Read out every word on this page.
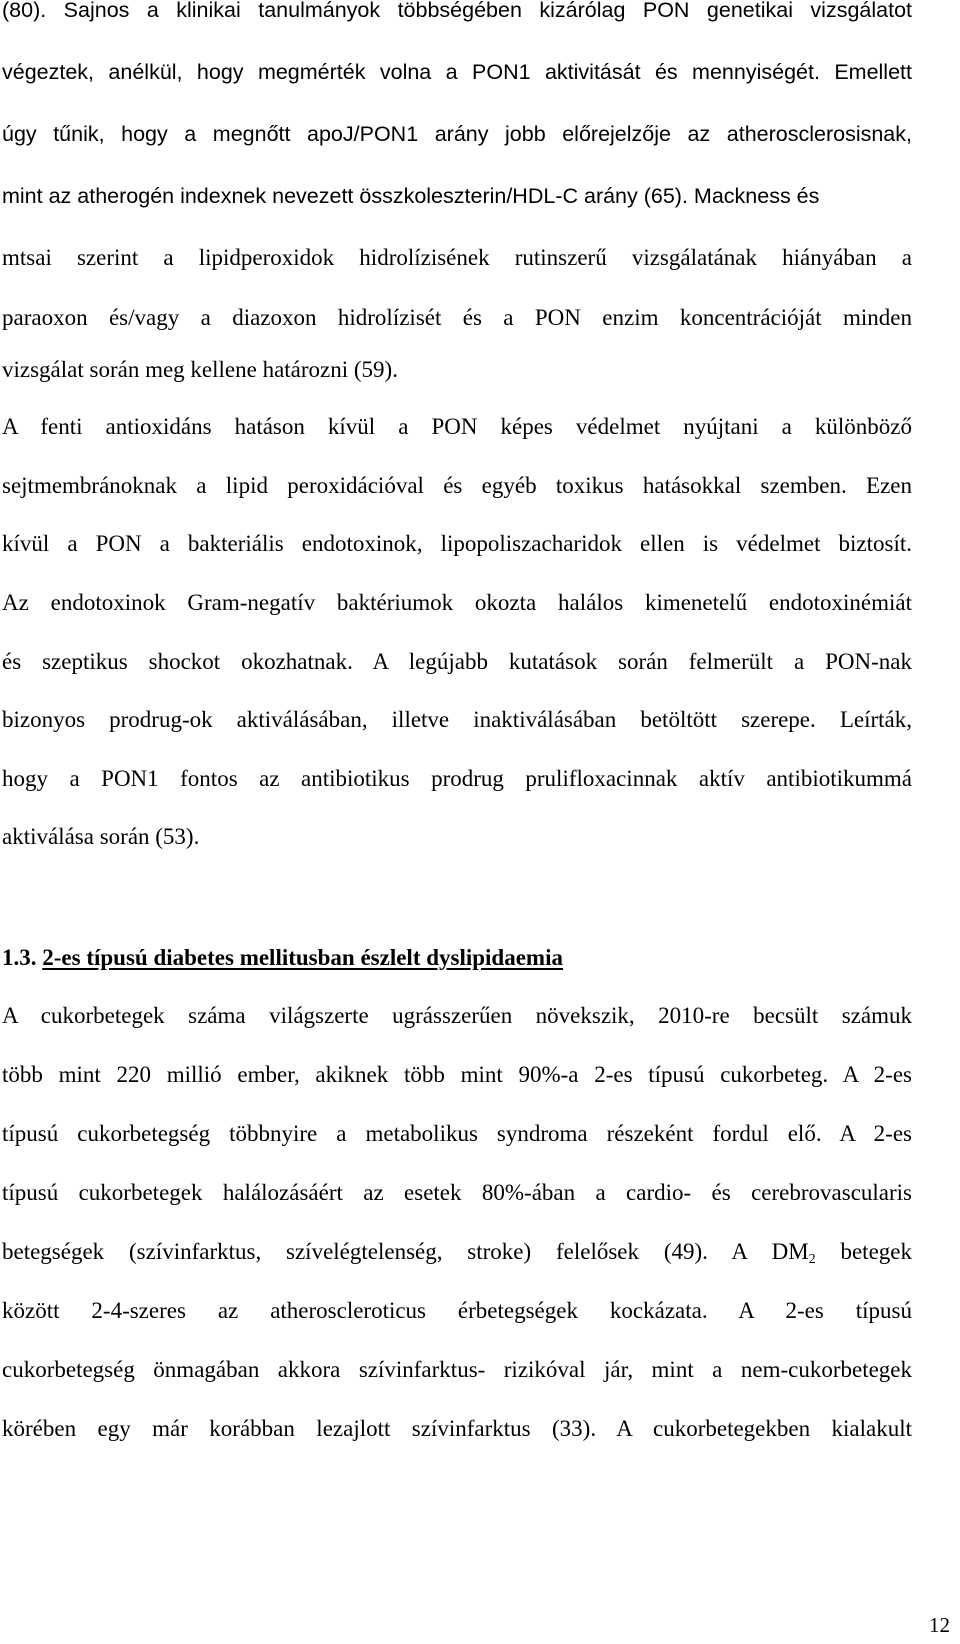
(80). Sajnos a klinikai tanulmányok többségében kizárólag PON genetikai vizsgálatot
végeztek, anélkül, hogy megmérték volna a PON1 aktivitását és mennyiségét. Emellett
úgy tűnik, hogy a megnőtt apoJ/PON1 arány jobb előrejelzője az atherosclerosisnak,
mint az atherogén indexnek nevezett összkoleszterin/HDL-C arány (65). Mackness és
mtsai szerint a lipidperoxidok hidrolízisének rutinszerű vizsgálatának hiányában a
paraoxon és/vagy a diazoxon hidrolízisét és a PON enzim koncentrációját minden
vizsgálat során meg kellene határozni (59).
A fenti antioxidáns hatáson kívül a PON képes védelmet nyújtani a különböző
sejtmembránoknak a lipid peroxidációval és egyéb toxikus hatásokkal szemben. Ezen
kívül a PON a bakteriális endotoxinok, lipopoliszacharidok ellen is védelmet biztosít.
Az endotoxinok Gram-negatív baktériumok okozta halálos kimenetelű endotoxinémiát
és szeptikus shockot okozhatnak. A legújabb kutatások során felmerült a PON-nak
bizonyos prodrug-ok aktiválásában, illetve inaktiválásában betöltött szerepe. Leírták,
hogy a PON1 fontos az antibiotikus prodrug prulifloxacinnak aktív antibiotikummá
aktiválása során (53).
1.3. 2-es típusú diabetes mellitusban észlelt dyslipidaemia
A cukorbetegek száma világszerte ugrásszerűen növekszik, 2010-re becsült számuk
több mint 220 millió ember, akiknek több mint 90%-a 2-es típusú cukorbeteg. A 2-es
típusú cukorbetegség többnyire a metabolikus syndroma részeként fordul elő. A 2-es
típusú cukorbetegek halálozásáért az esetek 80%-ában a cardio- és cerebrovascularis
betegségek (szívinfarktus, szívelégtelenség, stroke) felelősek (49). A $DM_2$ betegek
között 2-4-szeres az atheroscleroticus érbetegségek kockázata. A 2-es típusú
cukorbetegség önmagában akkora szívinfarktus- rizikóval jár, mint a nem-cukorbetegek
körében egy már korábban lezajlott szívinfarktus (33). A cukorbetegekben kialakult
12
